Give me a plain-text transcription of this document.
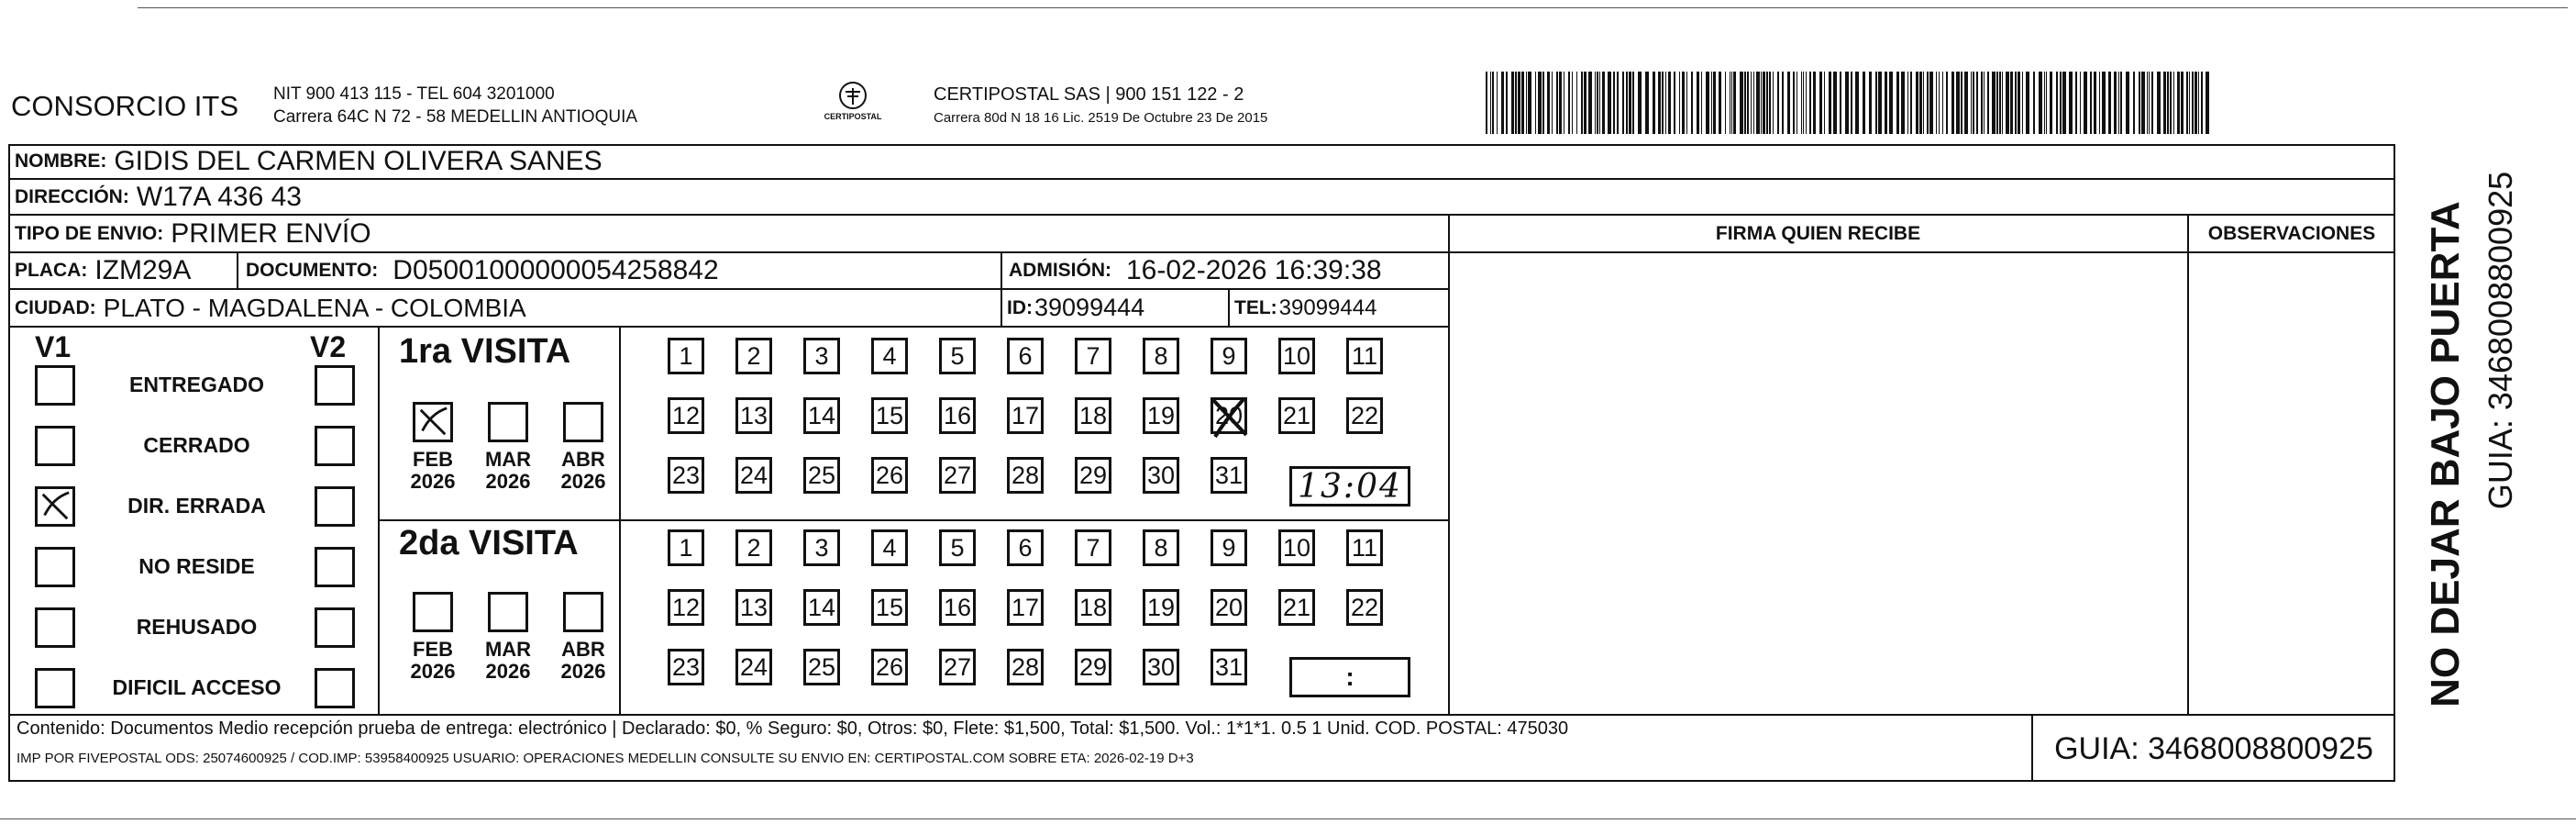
CONSORCIO ITS NIT 900 413 115 - TEL 604 3201000
Carrera 64C N 72 - 58 MEDELLIN ANTIOQUIA	CERTIPOSTAL
CERTIPOSTAL SAS | 900 151 122 - 2
Carrera 80d N 18 16 Lic. 2519 De Octubre 23 De 2015
NOMBRE: GIDIS DEL CARMEN OLIVERA SANES
DIRECCIÓN: W17A 436 43
TIPO DE ENVIO: PRIMER ENVÍO	FIRMA QUIEN RECIBE	OBSERVACIONES
PLACA: IZM29A	DOCUMENTO: D05001000000054258842	ADMISIÓN: 16-02-2026 16:39:38
CIUDAD: PLATO - MAGDALENA - COLOMBIA	ID: 39099444	TEL: 39099444
V1	V2 1ra VISITA
2da VISITA
13:04
:
Contenido: Documentos Medio recepción prueba de entrega: electrónico | Declarado: $0, % Seguro: $0, Otros: $0, Flete: $1,500, Total: $1,500. Vol.: 1*1*1. 0.5 1 Unid. COD. POSTAL: 475030
IMP POR FIVEPOSTAL ODS: 25074600925 / COD.IMP: 53958400925 USUARIO: OPERACIONES MEDELLIN CONSULTE SU ENVIO EN: CERTIPOSTAL.COM SOBRE ETA: 2026-02-19 D+3	GUIA: 3468008800925
NO DEJAR BAJO PUERTA GUIA: 3468008800925
ENTREGADO
CERRADO
DIR. ERRADA
NO RESIDE
REHUSADO
DIFICIL ACCESO
FEB
2026
MAR
2026
ABR
2026
FEB
2026
MAR
2026
ABR
2026
1	2	3	4	5	6	7	8	9	10 11
12 13 14 15 16 17 18 19 20 21 22
23 24 25 26 27 28 29 30 31
1	2	3	4	5	6	7	8	9	10 11
12 13 14 15 16 17 18 19 20 21 22
23 24 25 26 27 28 29 30 31
